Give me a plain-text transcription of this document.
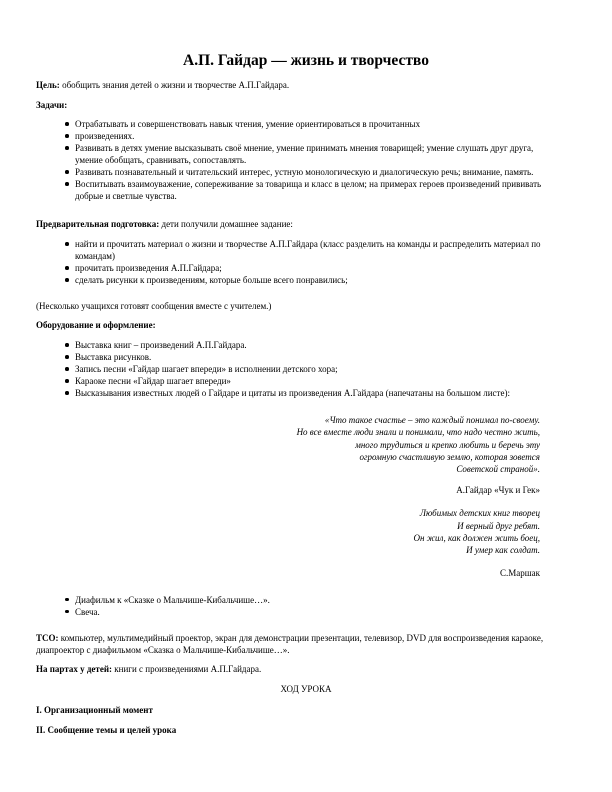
А.П. Гайдар — жизнь и творчество

Цель: обобщить знания детей о жизни и творчестве А.П.Гайдара.

Задачи:

Отрабатывать и совершенствовать навык чтения, умение ориентироваться в прочитанных
произведениях.
Развивать в детях умение высказывать своё мнение, умение принимать мнения товарищей; умение слушать друг друга, умение обобщать, сравнивать, сопоставлять.
Развивать познавательный и читательский интерес, устную монологическую и диалогическую речь; внимание, память.
Воспитывать взаимоуважение, сопереживание за товарища и класс в целом; на примерах героев произведений прививать добрые и светлые чувства.

Предварительная подготовка: дети получили домашнее задание:

найти и прочитать материал о жизни и творчестве А.П.Гайдара (класс разделить на команды и распределить материал по командам)
прочитать произведения А.П.Гайдара;
сделать рисунки к произведениям, которые больше всего понравились;

(Несколько учащихся готовят сообщения вместе с учителем.)

Оборудование и оформление:

Выставка книг – произведений А.П.Гайдара.
Выставка рисунков.
Запись песни «Гайдар шагает впереди» в исполнении детского хора;
Караоке песни «Гайдар шагает впереди»
Высказывания известных людей о Гайдаре и цитаты из произведения А.Гайдара (напечатаны на большом листе):

«Что такое счастье – это каждый понимал по-своему.

Но все вместе люди знали и понимали, что надо честно жить,

много трудиться и крепко любить и беречь эту

огромную счастливую землю, которая зовется

Советской страной».

А.Гайдар «Чук и Гек»

Любимых детских книг творец

И верный друг ребят.

Он жил, как должен жить боец,

И умер как солдат.

С.Маршак

Диафильм к «Сказке о Мальчише-Кибальчише…».
Свеча.

ТСО: компьютер, мультимедийный проектор, экран для демонстрации презентации, телевизор, DVD для воспроизведения караоке, диапроектор с диафильмом «Сказка о Мальчише-Кибальчише…».

На партах у детей: книги с произведениями А.П.Гайдара.

ХОД УРОКА

I. Организационный момент

II. Сообщение темы и целей урока
